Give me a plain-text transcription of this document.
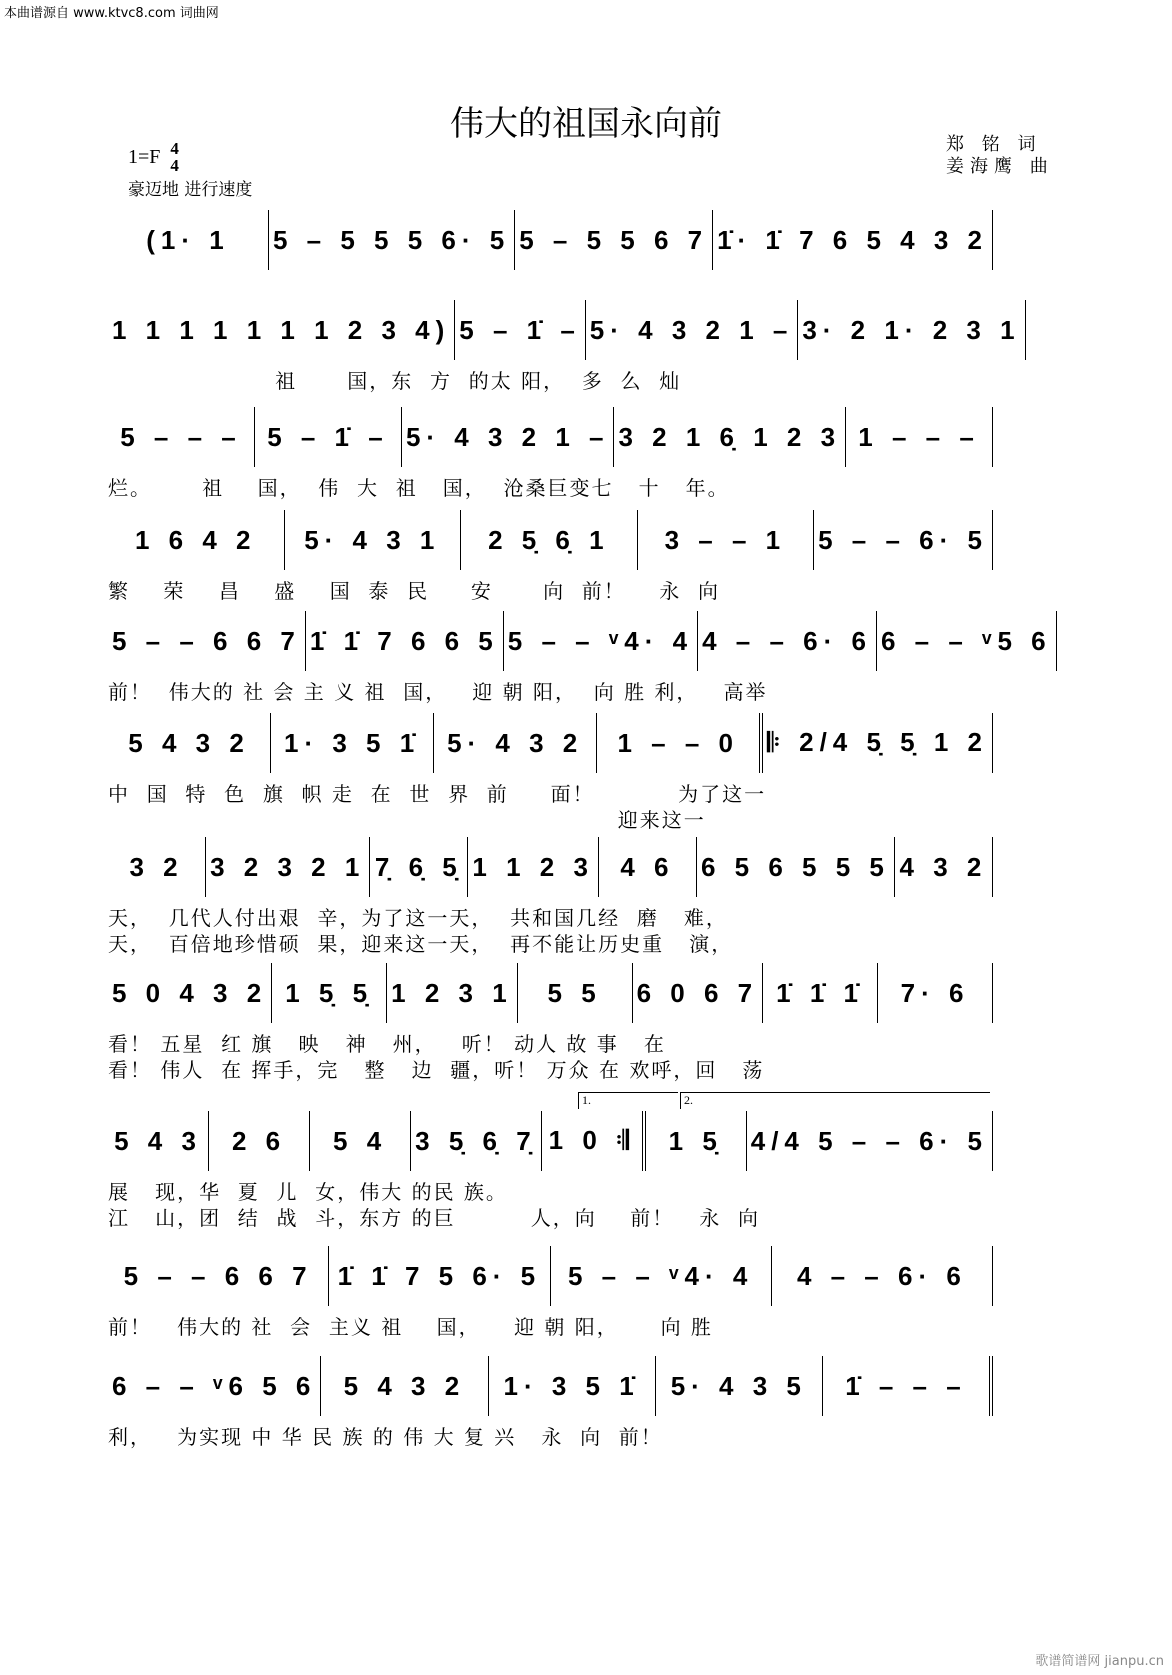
本曲谱源自 www.ktvc8.com 词曲网
伟大的祖国永向前
1=F 4
4
豪迈地 进行速度
郑 铭 词
姜海鹰 曲
(1· 1 5 – 5 5 5 6· 5 5 – 5 5 6 7 1̇· 1̇ 7 6 5 4 3 2
1 1 1 1 1 1 1 2 3 4) 5 – 1̇ – 5· 4 3 2 1 – 3· 2 1· 2 3 1
祖      国，东  方  的太 阳，  多  么  灿
5 – – – 5 – 1̇ – 5· 4 3 2 1 – 3 2 1 6̣ 1 2 3 1 – – –
烂。      祖    国，  伟  大  祖   国，  沧桑巨变七   十   年。
1 6 4 2 5· 4 3 1 2 5̣ 6̣ 1 3 – – 1 5 – – 6· 5
繁    荣    昌    盛    国  泰  民     安      向  前！    永  向
5 – – 6 6 7 1̇ 1̇ 7 6 6 5 5 – – ᵛ4· 4 4 – – 6· 6 6 – – ᵛ5 6
前！  伟大的 社 会 主 义 祖  国，   迎 朝 阳，  向 胜 利，   高举
5 4 3 2 1· 3 5 1̇ 5· 4 3 2 1 – – 0 𝄆 2/4 5̣ 5̣ 1 2
中  国  特  色  旗  帜 走  在  世  界  前     面！          为了这一
迎来这一
3 2 3 2 3 2 1 7̣ 6̣ 5̣ 1 1 2 3 4 6 6 5 6 5 5 5 4 3 2
天，  几代人付出艰  辛，为了这一天，  共和国几经  磨   难，
天，  百倍地珍惜硕  果，迎来这一天，  再不能让历史重   演，
5 0 4 3 2 1 5̣ 5̣ 1 2 3 1 5 5 6 0 6 7 1̇ 1̇ 1̇ 7· 6
看！ 五星  红 旗   映   神   州，   听！ 动人 故 事   在
看！ 伟人  在 挥手，完   整   边  疆，听！ 万众 在 欢呼，回   荡
5 4 3 2 6 5 4 3 5̣ 6̣ 7̣ 1 0 𝄇 1 5̣ 4/4 5 – – 6· 5
展   现，华  夏  儿  女，伟大 的民 族。
江   山，团  结  战  斗，东方 的巨         人，向    前！   永  向
5 – – 6 6 7 1̇ 1̇ 7 5 6· 5 5 – – ᵛ4· 4 4 – – 6· 6
前！   伟大的 社  会  主义 祖    国，    迎 朝 阳，     向 胜
6 – – ᵛ6 5 6 5 4 3 2 1· 3 5 1̇ 5· 4 3 5 1̇ – – –
利，   为实现 中 华 民 族 的 伟 大 复 兴   永  向  前！
1.	2.
歌谱简谱网 jianpu.cn
